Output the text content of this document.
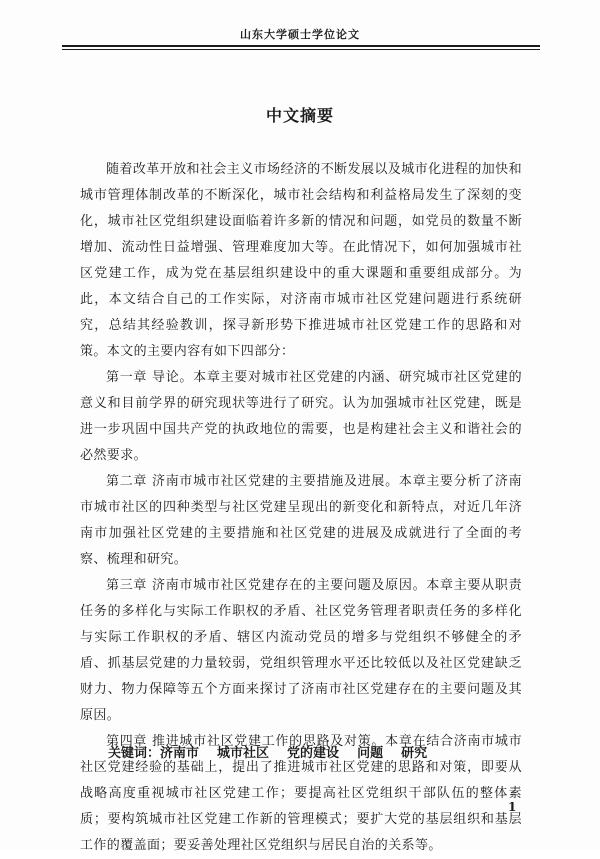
山东大学硕士学位论文
中文摘要

随着改革开放和社会主义市场经济的不断发展以及城市化进程的加快和城市管理体制改革的不断深化，城市社会结构和利益格局发生了深刻的变化，城市社区党组织建设面临着许多新的情况和问题，如党员的数量不断增加、流动性日益增强、管理难度加大等。在此情况下，如何加强城市社区党建工作，成为党在基层组织建设中的重大课题和重要组成部分。为此，本文结合自己的工作实际，对济南市城市社区党建问题进行系统研究，总结其经验教训，探寻新形势下推进城市社区党建工作的思路和对策。本文的主要内容有如下四部分：

第一章 导论。本章主要对城市社区党建的内涵、研究城市社区党建的意义和目前学界的研究现状等进行了研究。认为加强城市社区党建，既是进一步巩固中国共产党的执政地位的需要，也是构建社会主义和谐社会的必然要求。

第二章 济南市城市社区党建的主要措施及进展。本章主要分析了济南市城市社区的四种类型与社区党建呈现出的新变化和新特点，对近几年济南市加强社区党建的主要措施和社区党建的进展及成就进行了全面的考察、梳理和研究。

第三章 济南市城市社区党建存在的主要问题及原因。本章主要从职责任务的多样化与实际工作职权的矛盾、社区党务管理者职责任务的多样化与实际工作职权的矛盾、辖区内流动党员的增多与党组织不够健全的矛盾、抓基层党建的力量较弱，党组织管理水平还比较低以及社区党建缺乏财力、物力保障等五个方面来探讨了济南市社区党建存在的主要问题及其原因。

第四章 推进城市社区党建工作的思路及对策。本章在结合济南市城市社区党建经验的基础上，提出了推进城市社区党建的思路和对策，即要从战略高度重视城市社区党建工作；要提高社区党组织干部队伍的整体素质；要构筑城市社区党建工作新的管理模式；要扩大党的基层组织和基层工作的覆盖面；要妥善处理社区党组织与居民自治的关系等。

关键词：济南市 城市社区 党的建设 问题 研究
1
